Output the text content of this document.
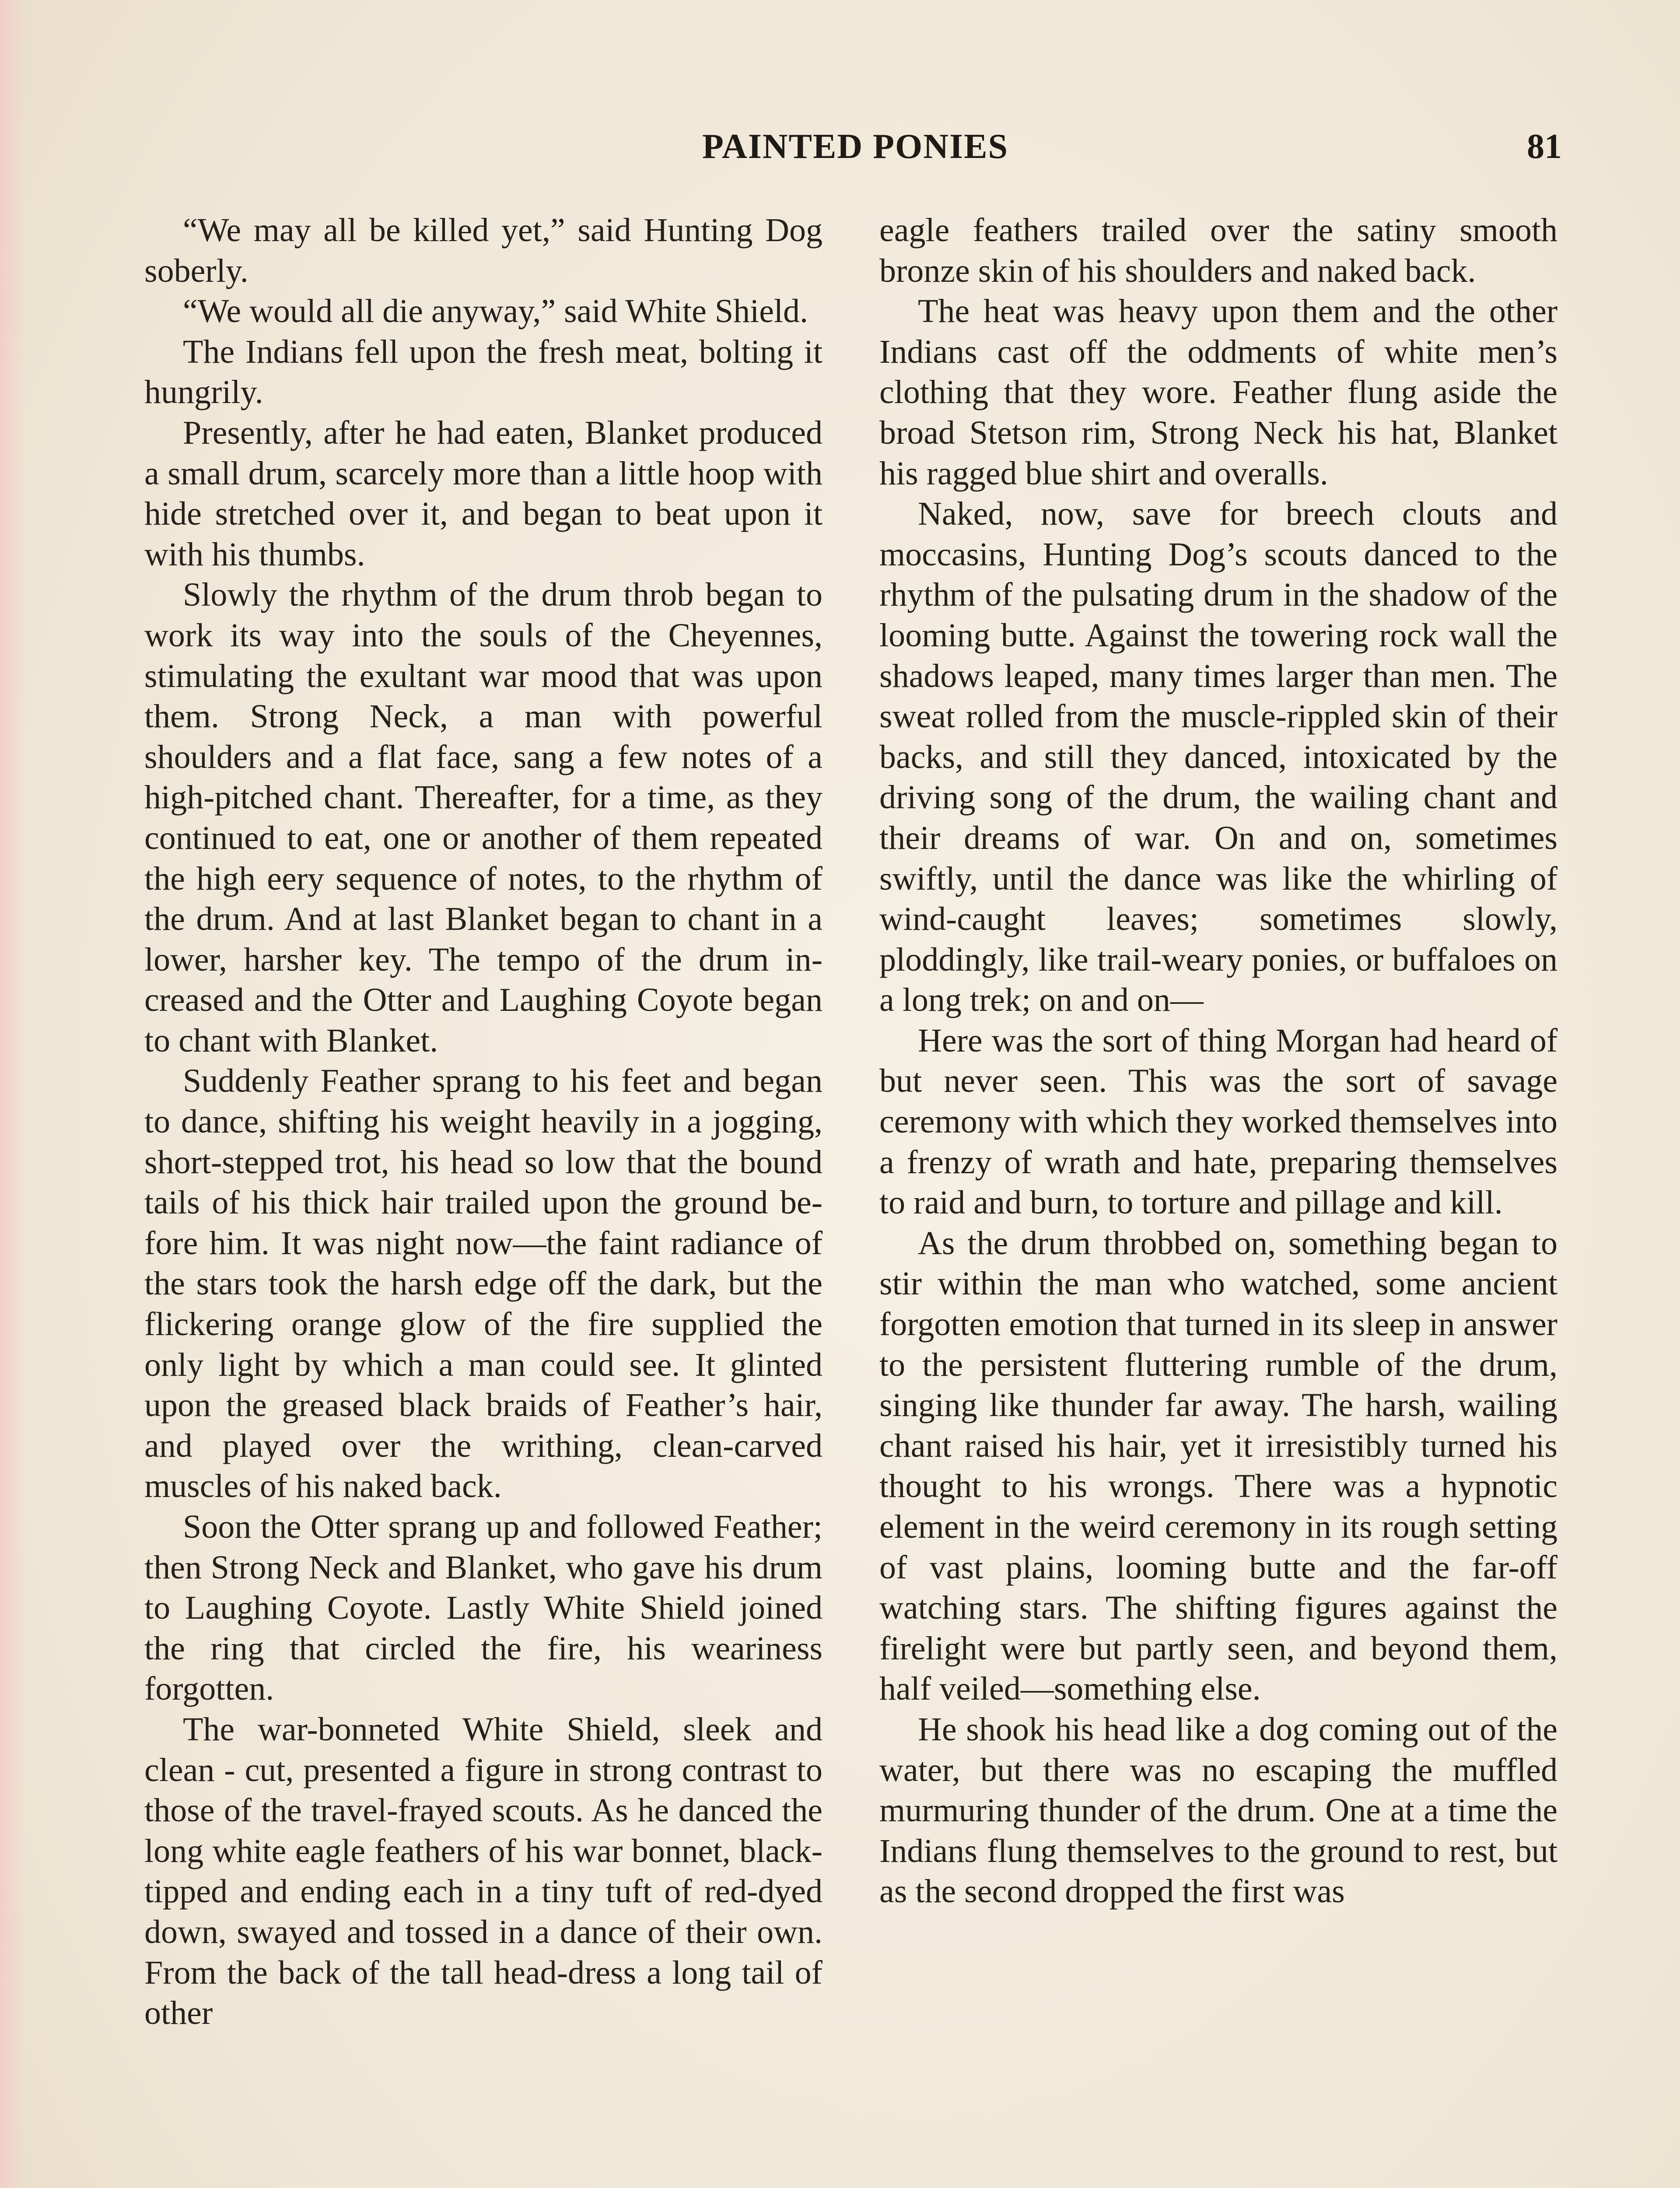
PAINTED PONIES	81

“We may all be killed yet,” said Hunting Dog soberly.

“We would all die anyway,” said White Shield.

The Indians fell upon the fresh meat, bolting it hungrily.

Presently, after he had eaten, Blanket produced a small drum, scarcely more than a little hoop with hide stretched over it, and began to beat upon it with his thumbs.

Slowly the rhythm of the drum throb began to work its way into the souls of the Cheyennes, stimulating the exultant war mood that was upon them. Strong Neck, a man with powerful shoulders and a flat face, sang a few notes of a high-pitched chant. Thereafter, for a time, as they continued to eat, one or another of them repeated the high eery sequence of notes, to the rhythm of the drum. And at last Blanket began to chant in a lower, harsher key. The tempo of the drum increased and the Otter and Laughing Coyote began to chant with Blanket.

Suddenly Feather sprang to his feet and began to dance, shifting his weight heavily in a jogging, short-stepped trot, his head so low that the bound tails of his thick hair trailed upon the ground before him. It was night now—the faint radiance of the stars took the harsh edge off the dark, but the flickering orange glow of the fire supplied the only light by which a man could see. It glinted upon the greased black braids of Feather’s hair, and played over the writhing, clean-carved muscles of his naked back.

Soon the Otter sprang up and followed Feather; then Strong Neck and Blanket, who gave his drum to Laughing Coyote. Lastly White Shield joined the ring that circled the fire, his weariness forgotten.

The war-bonneted White Shield, sleek and clean - cut, presented a figure in strong contrast to those of the travel-frayed scouts. As he danced the long white eagle feathers of his war bonnet, black-tipped and ending each in a tiny tuft of red-dyed down, swayed and tossed in a dance of their own. From the back of the tall head-dress a long tail of other

eagle feathers trailed over the satiny smooth bronze skin of his shoulders and naked back.

The heat was heavy upon them and the other Indians cast off the oddments of white men’s clothing that they wore. Feather flung aside the broad Stetson rim, Strong Neck his hat, Blanket his ragged blue shirt and overalls.

Naked, now, save for breech clouts and moccasins, Hunting Dog’s scouts danced to the rhythm of the pulsating drum in the shadow of the looming butte. Against the towering rock wall the shadows leaped, many times larger than men. The sweat rolled from the muscle-rippled skin of their backs, and still they danced, intoxicated by the driving song of the drum, the wailing chant and their dreams of war. On and on, sometimes swiftly, until the dance was like the whirling of wind-caught leaves; sometimes slowly, ploddingly, like trail-weary ponies, or buffaloes on a long trek; on and on—

Here was the sort of thing Morgan had heard of but never seen. This was the sort of savage ceremony with which they worked themselves into a frenzy of wrath and hate, preparing themselves to raid and burn, to torture and pillage and kill.

As the drum throbbed on, something began to stir within the man who watched, some ancient forgotten emotion that turned in its sleep in answer to the persistent fluttering rumble of the drum, singing like thunder far away. The harsh, wailing chant raised his hair, yet it irresistibly turned his thought to his wrongs. There was a hypnotic element in the weird ceremony in its rough setting of vast plains, looming butte and the far-off watching stars. The shifting figures against the firelight were but partly seen, and beyond them, half veiled—something else.

He shook his head like a dog coming out of the water, but there was no escaping the muffled murmuring thunder of the drum. One at a time the Indians flung themselves to the ground to rest, but as the second dropped the first was
